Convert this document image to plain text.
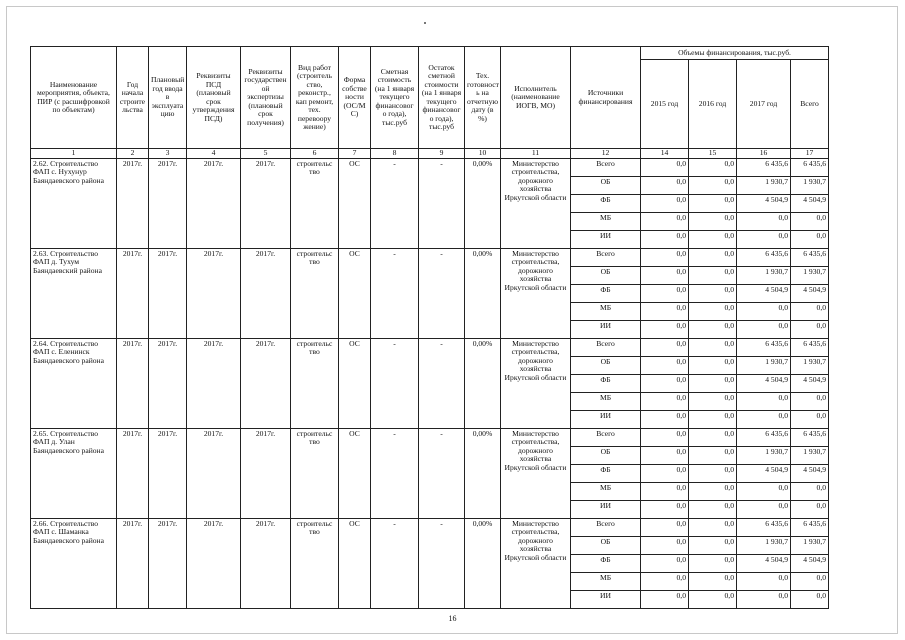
Наименование мероприятия, объекта, ПИР (с расшифровкой по объектам)	Год начала строите льства	Плановый год ввода в эксплуата цию	Реквизиты ПСД (плановый срок утверждения ПСД)	Реквизиты государствен ой экспертизы (плановый срок получения)	Вид работ (строитель ство, реконстр., кап ремонт, тех. перевоору жение)	Форма собстве ности (ОС/М С)	Сметная стоимость (на 1 января текущего финансовог о года), тыс.руб	Остаток сметной стоимости (на 1 января текущего финансовог о года), тыс.руб	Тех. готовност ь на отчетную дату (в %)	Исполнитель (наименование ИОГВ, МО)	Источники финансирования	Объемы финансирования, тыс.руб.			
												2015 год	2016 год	2017 год	Всего
1	2	3	4	5	6	7	8	9	10	11	12	14	15	16	17
2.62. Строительство ФАП с. Нухунур Баяндаевского района	2017г.	2017г.	2017г.	2017г.	строительс тво	ОС	-	-	0,00%	Министерство строительства, дорожного хозяйства Иркутской области	Всего	0,0	0,0	6 435,6	6 435,6
											ОБ	0,0	0,0	1 930,7	1 930,7
											ФБ	0,0	0,0	4 504,9	4 504,9
											МБ	0,0	0,0	0,0	0,0
											ИИ	0,0	0,0	0,0	0,0
2.63. Строительство ФАП д. Тухум Баяндаевский района	2017г.	2017г.	2017г.	2017г.	строительс тво	ОС	-	-	0,00%	Министерство строительства, дорожного хозяйства Иркутской области	Всего	0,0	0,0	6 435,6	6 435,6
											ОБ	0,0	0,0	1 930,7	1 930,7
											ФБ	0,0	0,0	4 504,9	4 504,9
											МБ	0,0	0,0	0,0	0,0
											ИИ	0,0	0,0	0,0	0,0
2.64. Строительство ФАП с. Еленинск Баяндаевского района	2017г.	2017г.	2017г.	2017г.	строительс тво	ОС	-	-	0,00%	Министерство строительства, дорожного хозяйства Иркутской области	Всего	0,0	0,0	6 435,6	6 435,6
											ОБ	0,0	0,0	1 930,7	1 930,7
											ФБ	0,0	0,0	4 504,9	4 504,9
											МБ	0,0	0,0	0,0	0,0
											ИИ	0,0	0,0	0,0	0,0
2.65. Строительство ФАП д. Улан Баяндаевского района	2017г.	2017г.	2017г.	2017г.	строительс тво	ОС	-	-	0,00%	Министерство строительства, дорожного хозяйства Иркутской области	Всего	0,0	0,0	6 435,6	6 435,6
											ОБ	0,0	0,0	1 930,7	1 930,7
											ФБ	0,0	0,0	4 504,9	4 504,9
											МБ	0,0	0,0	0,0	0,0
											ИИ	0,0	0,0	0,0	0,0
2.66. Строительство ФАП с. Шаманка Баяндаевского района	2017г.	2017г.	2017г.	2017г.	строительс тво	ОС	-	-	0,00%	Министерство строительства, дорожного хозяйства Иркутской области	Всего	0,0	0,0	6 435,6	6 435,6
											ОБ	0,0	0,0	1 930,7	1 930,7
											ФБ	0,0	0,0	4 504,9	4 504,9
											МБ	0,0	0,0	0,0	0,0
											ИИ	0,0	0,0	0,0	0,0
16
